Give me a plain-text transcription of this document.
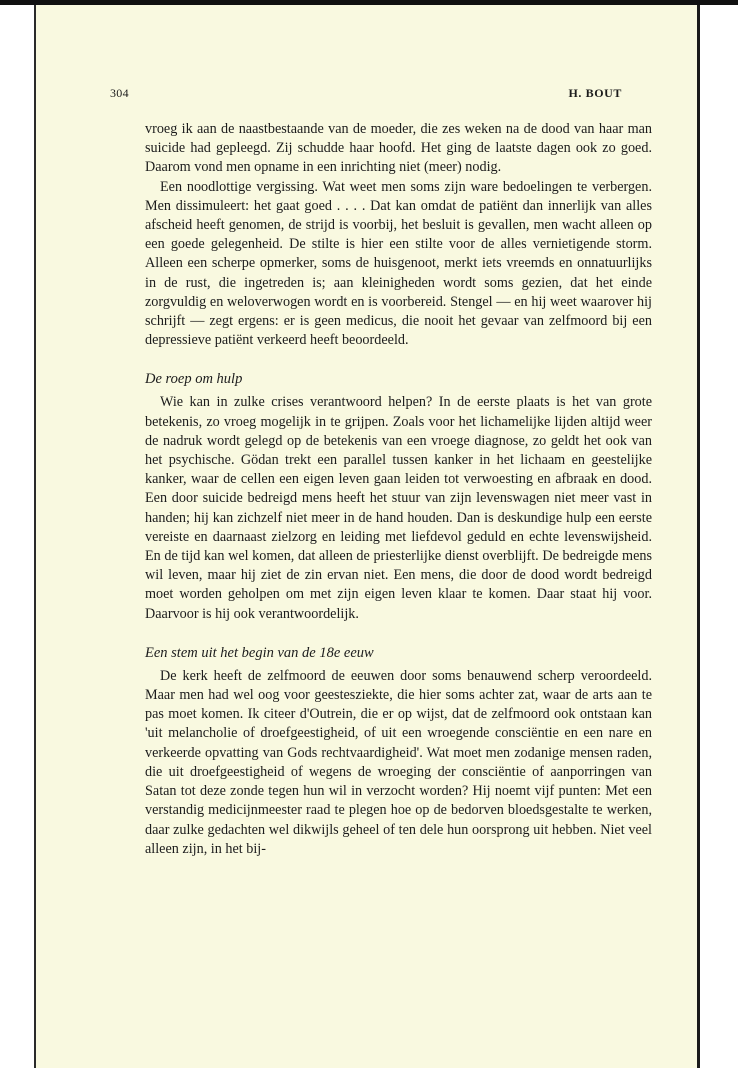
304	H. BOUT

vroeg ik aan de naastbestaande van de moeder, die zes weken na de dood van haar man suicide had gepleegd. Zij schudde haar hoofd. Het ging de laatste dagen ook zo goed. Daarom vond men opname in een inrichting niet (meer) nodig.

Een noodlottige vergissing. Wat weet men soms zijn ware bedoelingen te verbergen. Men dissimuleert: het gaat goed . . . . Dat kan omdat de patiënt dan innerlijk van alles afscheid heeft genomen, de strijd is voorbij, het besluit is gevallen, men wacht alleen op een goede gelegenheid. De stilte is hier een stilte voor de alles vernietigende storm. Alleen een scherpe opmerker, soms de huisgenoot, merkt iets vreemds en onnatuurlijks in de rust, die ingetreden is; aan kleinigheden wordt soms gezien, dat het einde zorgvuldig en weloverwogen wordt en is voorbereid. Stengel — en hij weet waarover hij schrijft — zegt ergens: er is geen medicus, die nooit het gevaar van zelfmoord bij een depressieve patiënt verkeerd heeft beoordeeld.

De roep om hulp

Wie kan in zulke crises verantwoord helpen? In de eerste plaats is het van grote betekenis, zo vroeg mogelijk in te grijpen. Zoals voor het lichamelijke lijden altijd weer de nadruk wordt gelegd op de betekenis van een vroege diagnose, zo geldt het ook van het psychische. Gödan trekt een parallel tussen kanker in het lichaam en geestelijke kanker, waar de cellen een eigen leven gaan leiden tot verwoesting en afbraak en dood. Een door suicide bedreigd mens heeft het stuur van zijn levenswagen niet meer vast in handen; hij kan zichzelf niet meer in de hand houden. Dan is deskundige hulp een eerste vereiste en daarnaast zielzorg en leiding met liefdevol geduld en echte levenswijsheid. En de tijd kan wel komen, dat alleen de priesterlijke dienst overblijft. De bedreigde mens wil leven, maar hij ziet de zin ervan niet. Een mens, die door de dood wordt bedreigd moet worden geholpen om met zijn eigen leven klaar te komen. Daar staat hij voor. Daarvoor is hij ook verantwoordelijk.

Een stem uit het begin van de 18e eeuw

De kerk heeft de zelfmoord de eeuwen door soms benauwend scherp veroordeeld. Maar men had wel oog voor geestesziekte, die hier soms achter zat, waar de arts aan te pas moet komen. Ik citeer d'Outrein, die er op wijst, dat de zelfmoord ook ontstaan kan 'uit melancholie of droefgeestigheid, of uit een wroegende consciëntie en een nare en verkeerde opvatting van Gods rechtvaardigheid'. Wat moet men zodanige mensen raden, die uit droefgeestigheid of wegens de wroeging der consciëntie of aanporringen van Satan tot deze zonde tegen hun wil in verzocht worden? Hij noemt vijf punten: Met een verstandig medicijnmeester raad te plegen hoe op de bedorven bloedsgestalte te werken, daar zulke gedachten wel dikwijls geheel of ten dele hun oorsprong uit hebben. Niet veel alleen zijn, in het bij-
